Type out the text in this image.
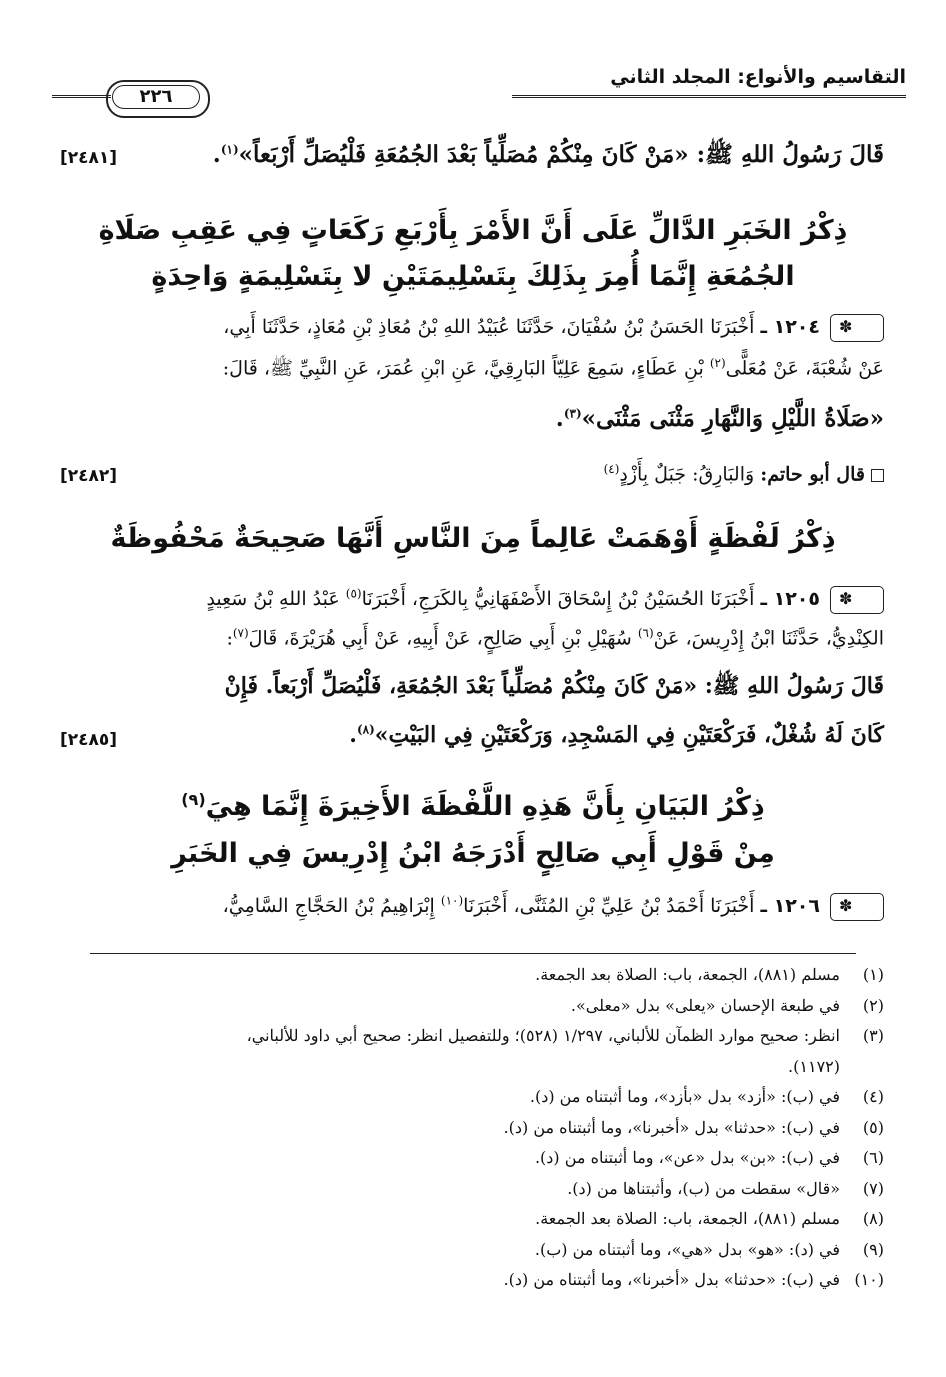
التقاسيم والأنواع: المجلد الثاني
٢٢٦
قَالَ رَسُولُ اللهِ ﷺ: «مَنْ كَانَ مِنْكُمْ مُصَلِّياً بَعْدَ الجُمُعَةِ فَلْيُصَلِّ أَرْبَعاً»$^{(١)}$.
[٢٤٨١]
ذِكْرُ الخَبَرِ الدَّالِّ عَلَى أَنَّ الأَمْرَ بِأَرْبَعِ رَكَعَاتٍ فِي عَقِبِ صَلَاةِ
الجُمُعَةِ إِنَّمَا أُمِرَ بِذَلِكَ بِتَسْلِيمَتَيْنِ لا بِتَسْلِيمَةٍ وَاحِدَةٍ
✽
١٢٠٤ ـ أَخْبَرَنَا الحَسَنُ بْنُ سُفْيَانَ، حَدَّثَنَا عُبَيْدُ اللهِ بْنُ مُعَاذِ بْنِ مُعَاذٍ، حَدَّثَنَا أَبِي،
عَنْ شُعْبَةَ، عَنْ مُعَلًّى$^{(٢)}$ بْنِ عَطَاءٍ، سَمِعَ عَلِيّاً البَارِقِيَّ، عَنِ ابْنِ عُمَرَ، عَنِ النَّبِيِّ ﷺ، قَالَ:
«صَلَاةُ اللَّيْلِ وَالنَّهَارِ مَثْنَى مَثْنَى»$^{(٣)}$.
قال أبو حاتم: وَالبَارِقُ: جَبَلٌ بِأَزْدٍ$^{(٤)}$
[٢٤٨٢]
ذِكْرُ لَفْظَةٍ أَوْهَمَتْ عَالِماً مِنَ النَّاسِ أَنَّهَا صَحِيحَةٌ مَحْفُوظَةٌ
✽
١٢٠٥ ـ أَخْبَرَنَا الحُسَيْنُ بْنُ إِسْحَاقَ الأَصْفَهَانِيُّ بِالكَرَجِ، أَخْبَرَنَا$^{(٥)}$ عَبْدُ اللهِ بْنُ سَعِيدٍ
الكِنْدِيُّ، حَدَّثَنَا ابْنُ إِدْرِيسَ، عَنْ$^{(٦)}$ سُهَيْلِ بْنِ أَبِي صَالِحٍ، عَنْ أَبِيهِ، عَنْ أَبِي هُرَيْرَةَ، قَالَ$^{(٧)}$:
قَالَ رَسُولُ اللهِ ﷺ: «مَنْ كَانَ مِنْكُمْ مُصَلِّياً بَعْدَ الجُمُعَةِ، فَلْيُصَلِّ أَرْبَعاً. فَإِنْ
كَانَ لَهُ شُغْلٌ، فَرَكْعَتَيْنِ فِي المَسْجِدِ، وَرَكْعَتَيْنِ فِي البَيْتِ»$^{(٨)}$.
[٢٤٨٥]
ذِكْرُ البَيَانِ بِأَنَّ هَذِهِ اللَّفْظَةَ الأَخِيرَةَ إِنَّمَا هِيَ$^{(٩)}$
مِنْ قَوْلِ أَبِي صَالِحٍ أَدْرَجَهُ ابْنُ إِدْرِيسَ فِي الخَبَرِ
✽
١٢٠٦ ـ أَخْبَرَنَا أَحْمَدُ بْنُ عَلِيِّ بْنِ المُثَنَّى، أَخْبَرَنَا$^{(١٠)}$ إِبْرَاهِيمُ بْنُ الحَجَّاجِ السَّامِيُّ،
(١)مسلم (٨٨١)، الجمعة، باب: الصلاة بعد الجمعة.
(٢)في طبعة الإحسان «يعلى» بدل «معلى».
(٣)انظر: صحيح موارد الظمآن للألباني، ١/٢٩٧ (٥٢٨)؛ وللتفصيل انظر: صحيح أبي داود للألباني،
(١١٧٢).
(٤)في (ب): «أزد» بدل «بأزد»، وما أثبتناه من (د).
(٥)في (ب): «حدثنا» بدل «أخبرنا»، وما أثبتناه من (د).
(٦)في (ب): «بن» بدل «عن»، وما أثبتناه من (د).
(٧)«قال» سقطت من (ب)، وأثبتناها من (د).
(٨)مسلم (٨٨١)، الجمعة، باب: الصلاة بعد الجمعة.
(٩)في (د): «هو» بدل «هي»، وما أثبتناه من (ب).
(١٠)في (ب): «حدثنا» بدل «أخبرنا»، وما أثبتناه من (د).
